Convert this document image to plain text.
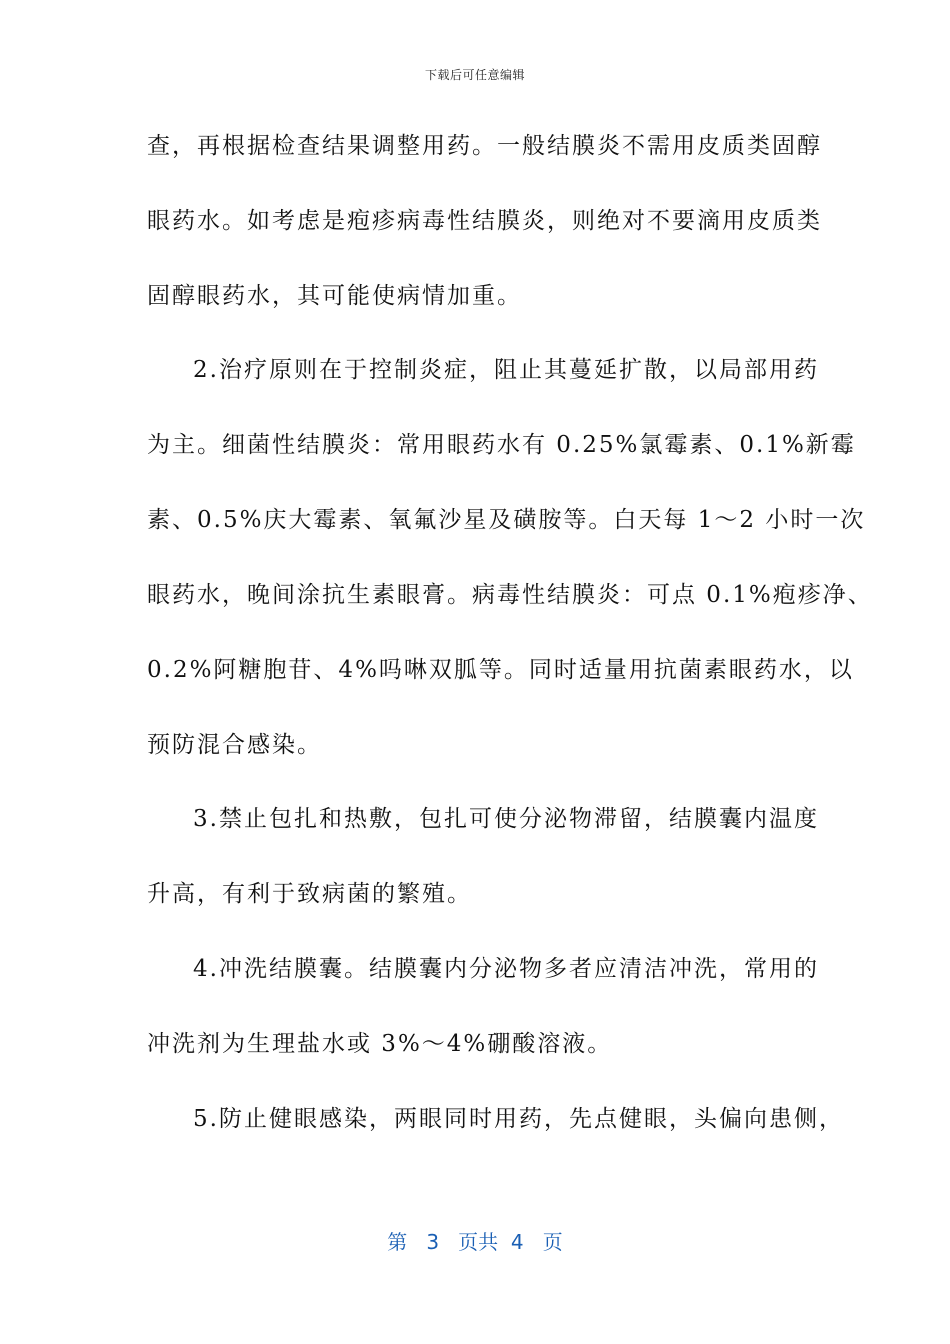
下载后可任意编辑
查，再根据检查结果调整用药。一般结膜炎不需用皮质类固醇
眼药水。如考虑是疱疹病毒性结膜炎，则绝对不要滴用皮质类
固醇眼药水，其可能使病情加重。
2.治疗原则在于控制炎症，阻止其蔓延扩散，以局部用药
为主。细菌性结膜炎：常用眼药水有 0.25%氯霉素、0.1%新霉
素、0.5%庆大霉素、氧氟沙星及磺胺等。白天每 1～2 小时一次
眼药水，晚间涂抗生素眼膏。病毒性结膜炎：可点 0.1%疱疹净、
0.2%阿糖胞苷、4%吗啉双胍等。同时适量用抗菌素眼药水，以
预防混合感染。
3.禁止包扎和热敷，包扎可使分泌物滞留，结膜囊内温度
升高，有利于致病菌的繁殖。
4.冲洗结膜囊。结膜囊内分泌物多者应清洁冲洗，常用的
冲洗剂为生理盐水或 3%～4%硼酸溶液。
5.防止健眼感染，两眼同时用药，先点健眼，头偏向患侧，
第 3 页共 4 页
